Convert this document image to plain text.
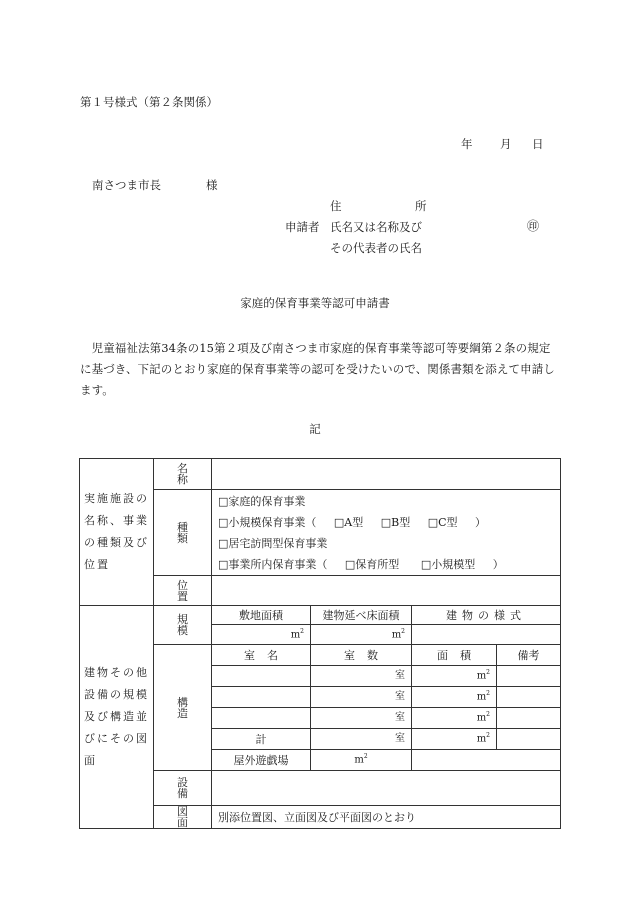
第１号様式（第２条関係）
年 月 日
南さつま市長	様
住	所
申請者 氏名又は名称及び	㊞
その代表者の氏名
家庭的保育事業等認可申請書
　児童福祉法第34条の15第２項及び南さつま市家庭的保育事業等認可等要綱第２条の規定に基づき、下記のとおり家庭的保育事業等の認可を受けたいので、関係書類を添えて申請します。
記
実施施設の名称、事業の種類及び位置	名称				
	種類	□家庭的保育事業
□小規模保育事業（ □A型 □B型 □C型 ）
□居宅訪問型保育事業
□事業所内保育事業（ □保育所型 □小規模型 ）			

	位置				
建物その他設備の規模及び構造並びにその図面	規模	敷地面積	建物延べ床面積	建物の様式	
		$m^2$	$m^2$	
	構造	室名	室数	面積	備考
			室	$m^2$	
			室	$m^2$	
			室	$m^2$	
		計	室	$m^2$	
		屋外遊戯場	$m^2$	
	設備				
	図面	別添位置図、立面図及び平面図のとおり			
